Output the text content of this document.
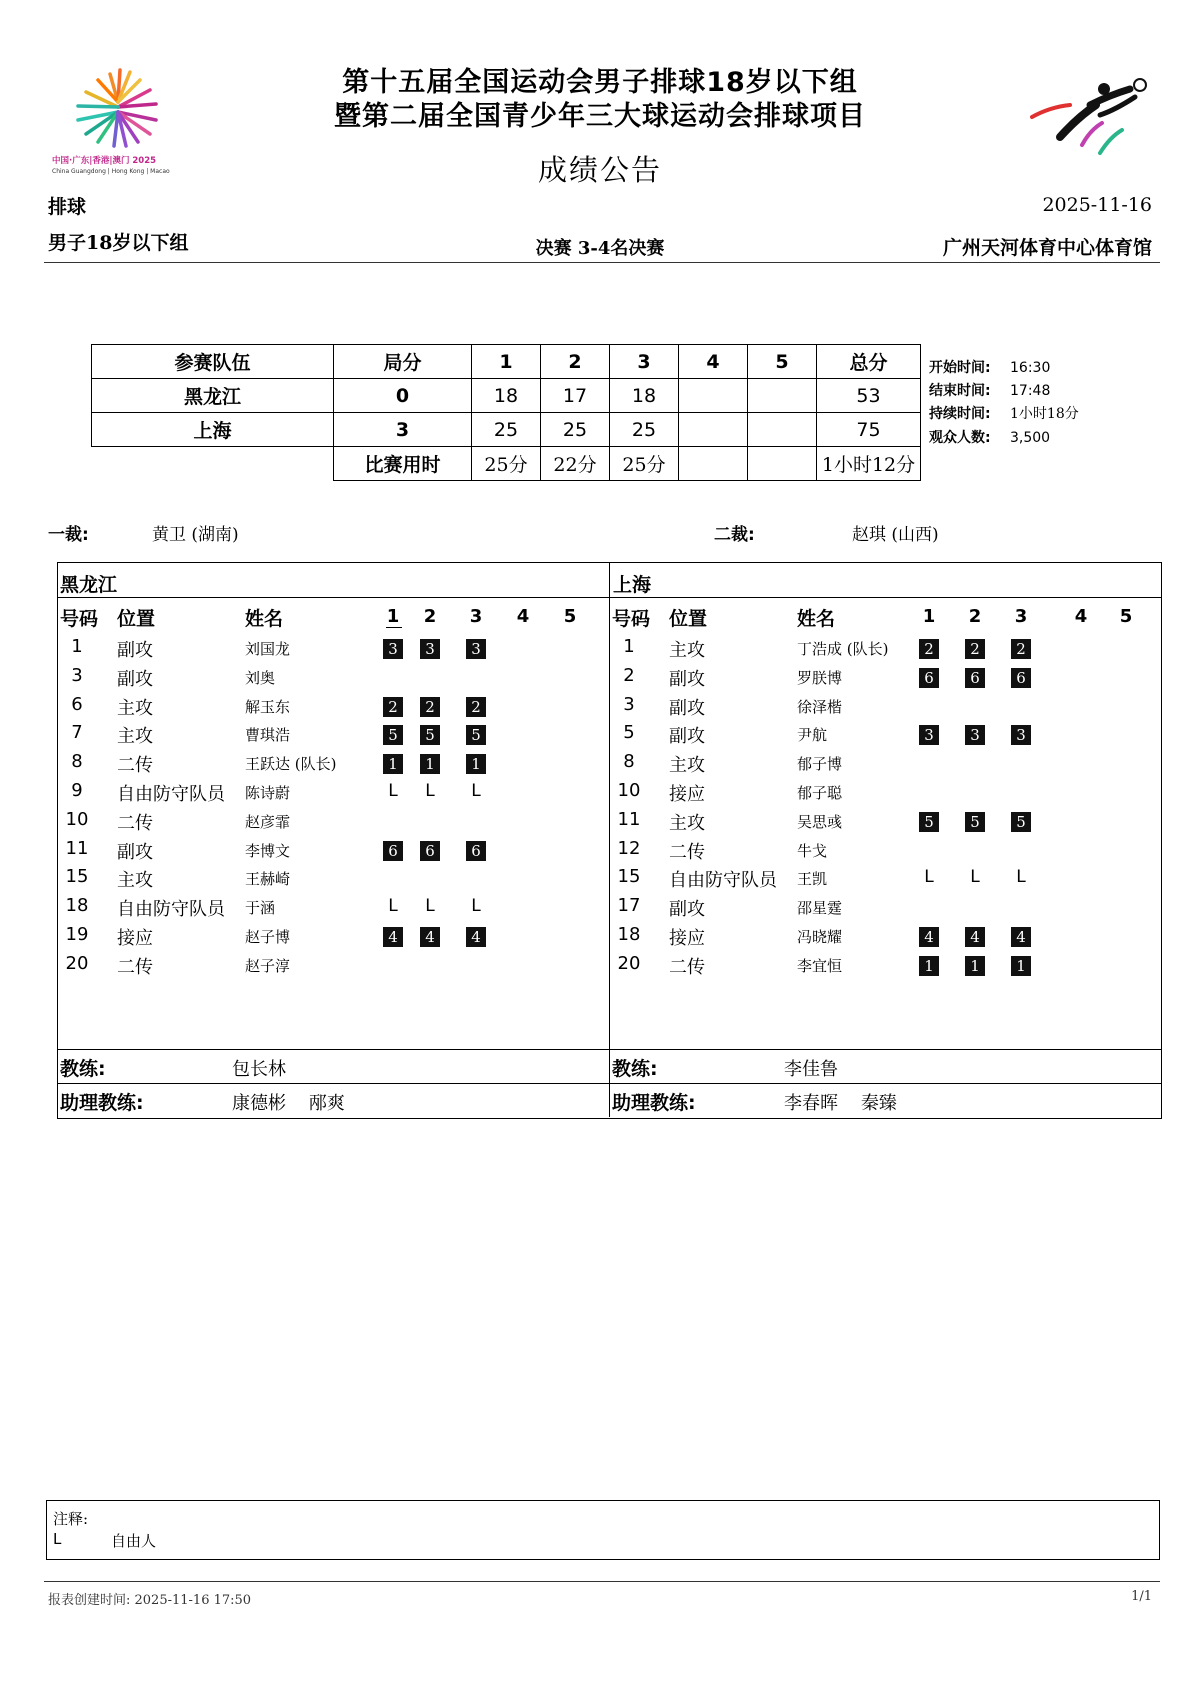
中国·广东|香港|澳门 2025
China Guangdong | Hong Kong | Macao
第十五届全国运动会男子排球18岁以下组
暨第二届全国青少年三大球运动会排球项目
成绩公告
排球	2025-11-16
男子18岁以下组	决赛 3-4名决赛	广州天河体育中心体育馆
参赛队伍	局分	1	2	3	4	5	总分
黑龙江	0	18	17	18			53
上海	3	25	25	25			75
	比赛用时	25分	22分	25分			1小时12分
开始时间: 16:30
结束时间: 17:48
持续时间: 1小时18分
观众人数: 3,500
一裁:	黄卫 (湖南)	二裁:	赵琪 (山西)
黑龙江	上海
号码 位置	姓名	1	2	3	4	5
1	副攻	刘国龙	3	3	3
3	副攻	刘奥
6	主攻	解玉东	2	2	2
7	主攻	曹琪浩	5	5	5
8	二传	王跃达 (队长)	1	1	1
9	自由防守队员 陈诗蔚	L	L	L
10	二传	赵彦霏
11	副攻	李博文	6	6	6
15	主攻	王赫崎
18	自由防守队员 于涵	L	L	L
19	接应	赵子博	4	4	4
20	二传	赵子淳
教练:	包长林
助理教练:	康德彬    邴爽
号码 位置	姓名	1	2	3	4	5
1	主攻	丁浩成 (队长)	2	2	2
2	副攻	罗朕博	6	6	6
3	副攻	徐泽楷
5	副攻	尹航	3	3	3
8	主攻	郁子博
10	接应	郁子聪
11	主攻	吴思彧	5	5	5
12	二传	牛戈
15	自由防守队员 王凯	L	L	L
17	副攻	邵星霆
18	接应	冯晓耀	4	4	4
20	二传	李宜恒	1	1	1
教练:	李佳鲁
助理教练:	李春晖    秦臻
注释:
L	自由人
报表创建时间: 2025-11-16 17:50	1/1
